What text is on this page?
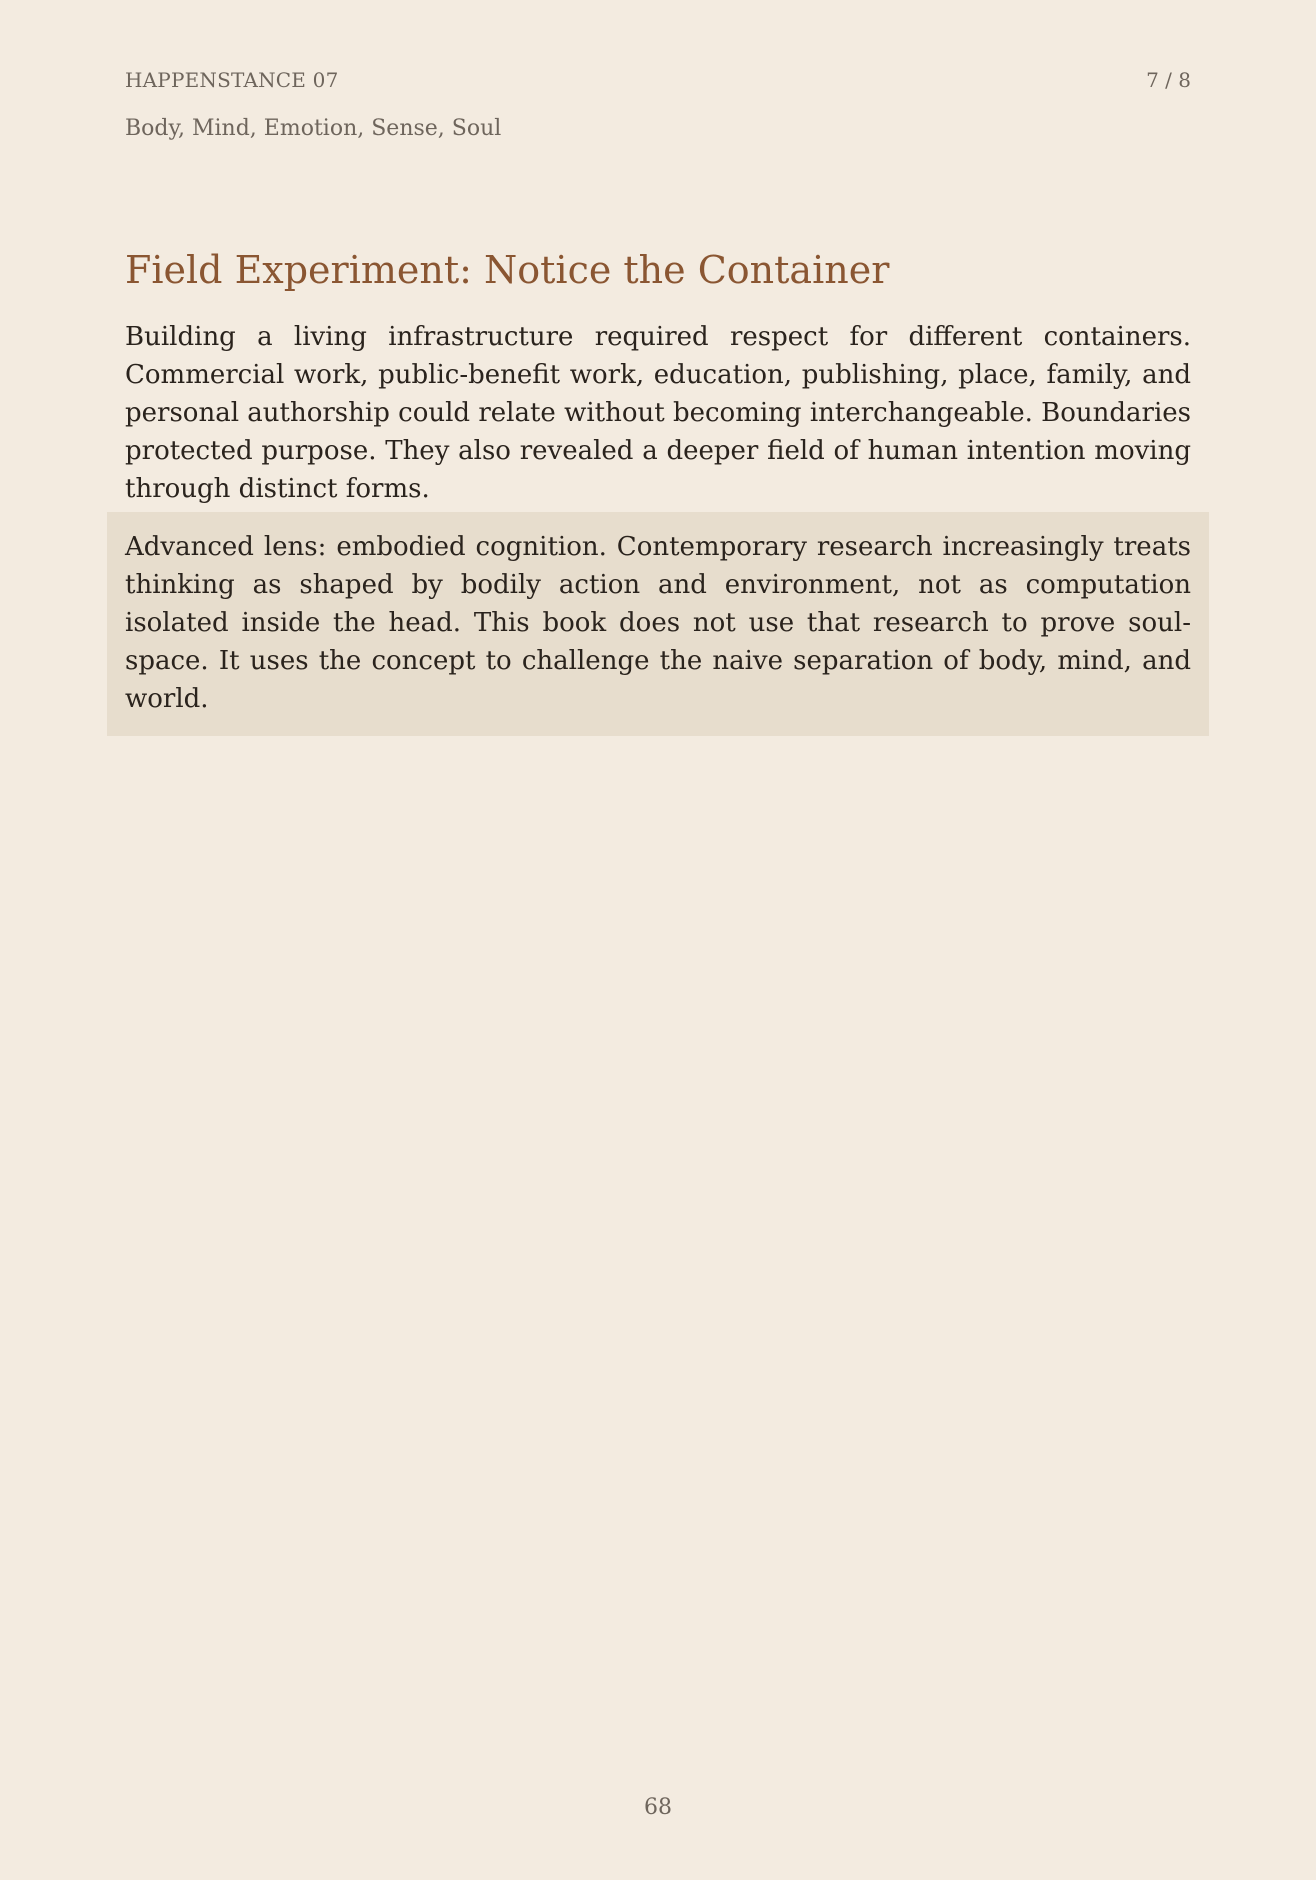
HAPPENSTANCE 07	7 / 8
Body, Mind, Emotion, Sense, Soul
Field Experiment: Notice the Container

Building a living infrastructure required respect for different containers. Commercial work, public-benefit work, education, publishing, place, family, and personal authorship could relate without becoming interchangeable. Boundaries protected purpose. They also revealed a deeper field of human intention moving through distinct forms.

Advanced lens: embodied cognition. Contemporary research increasingly treats thinking as shaped by bodily action and environment, not as computation isolated inside the head. This book does not use that research to prove soul-space. It uses the concept to challenge the naive separation of body, mind, and world.

68
